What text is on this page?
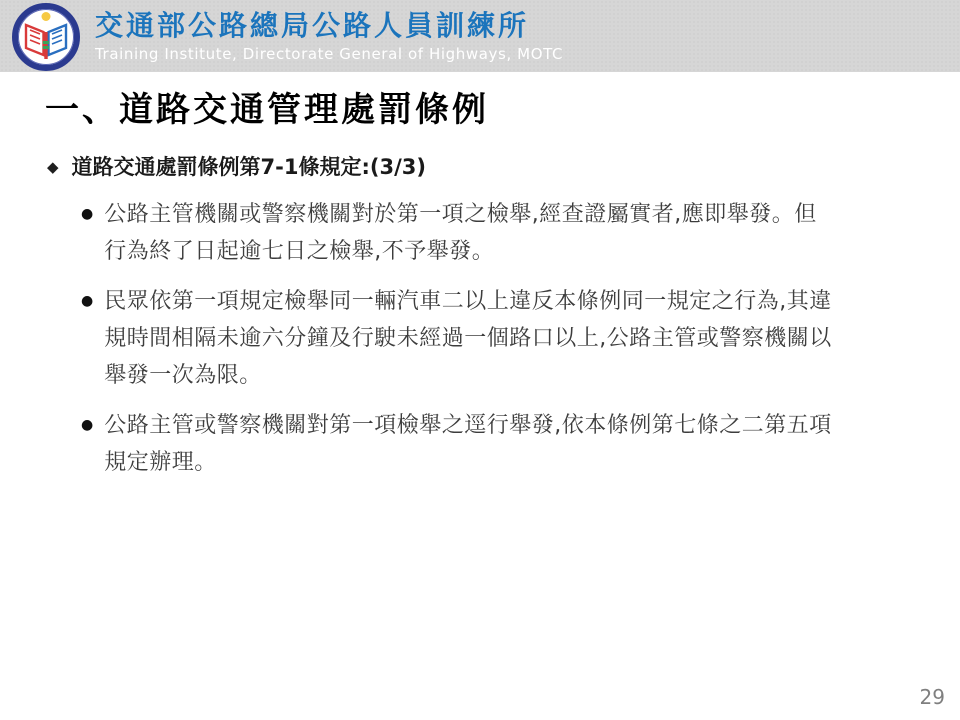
交通部公路總局公路人員訓練所
Training Institute, Directorate General of Highways, MOTC
一、道路交通管理處罰條例
◆ 道路交通處罰條例第7-1條規定:(3/3)
● 公路主管機關或警察機關對於第一項之檢舉,經查證屬實者,應即舉發。但
行為終了日起逾七日之檢舉,不予舉發。
● 民眾依第一項規定檢舉同一輛汽車二以上違反本條例同一規定之行為,其違
規時間相隔未逾六分鐘及行駛未經過一個路口以上,公路主管或警察機關以
舉發一次為限。
● 公路主管或警察機關對第一項檢舉之逕行舉發,依本條例第七條之二第五項
規定辦理。
29
